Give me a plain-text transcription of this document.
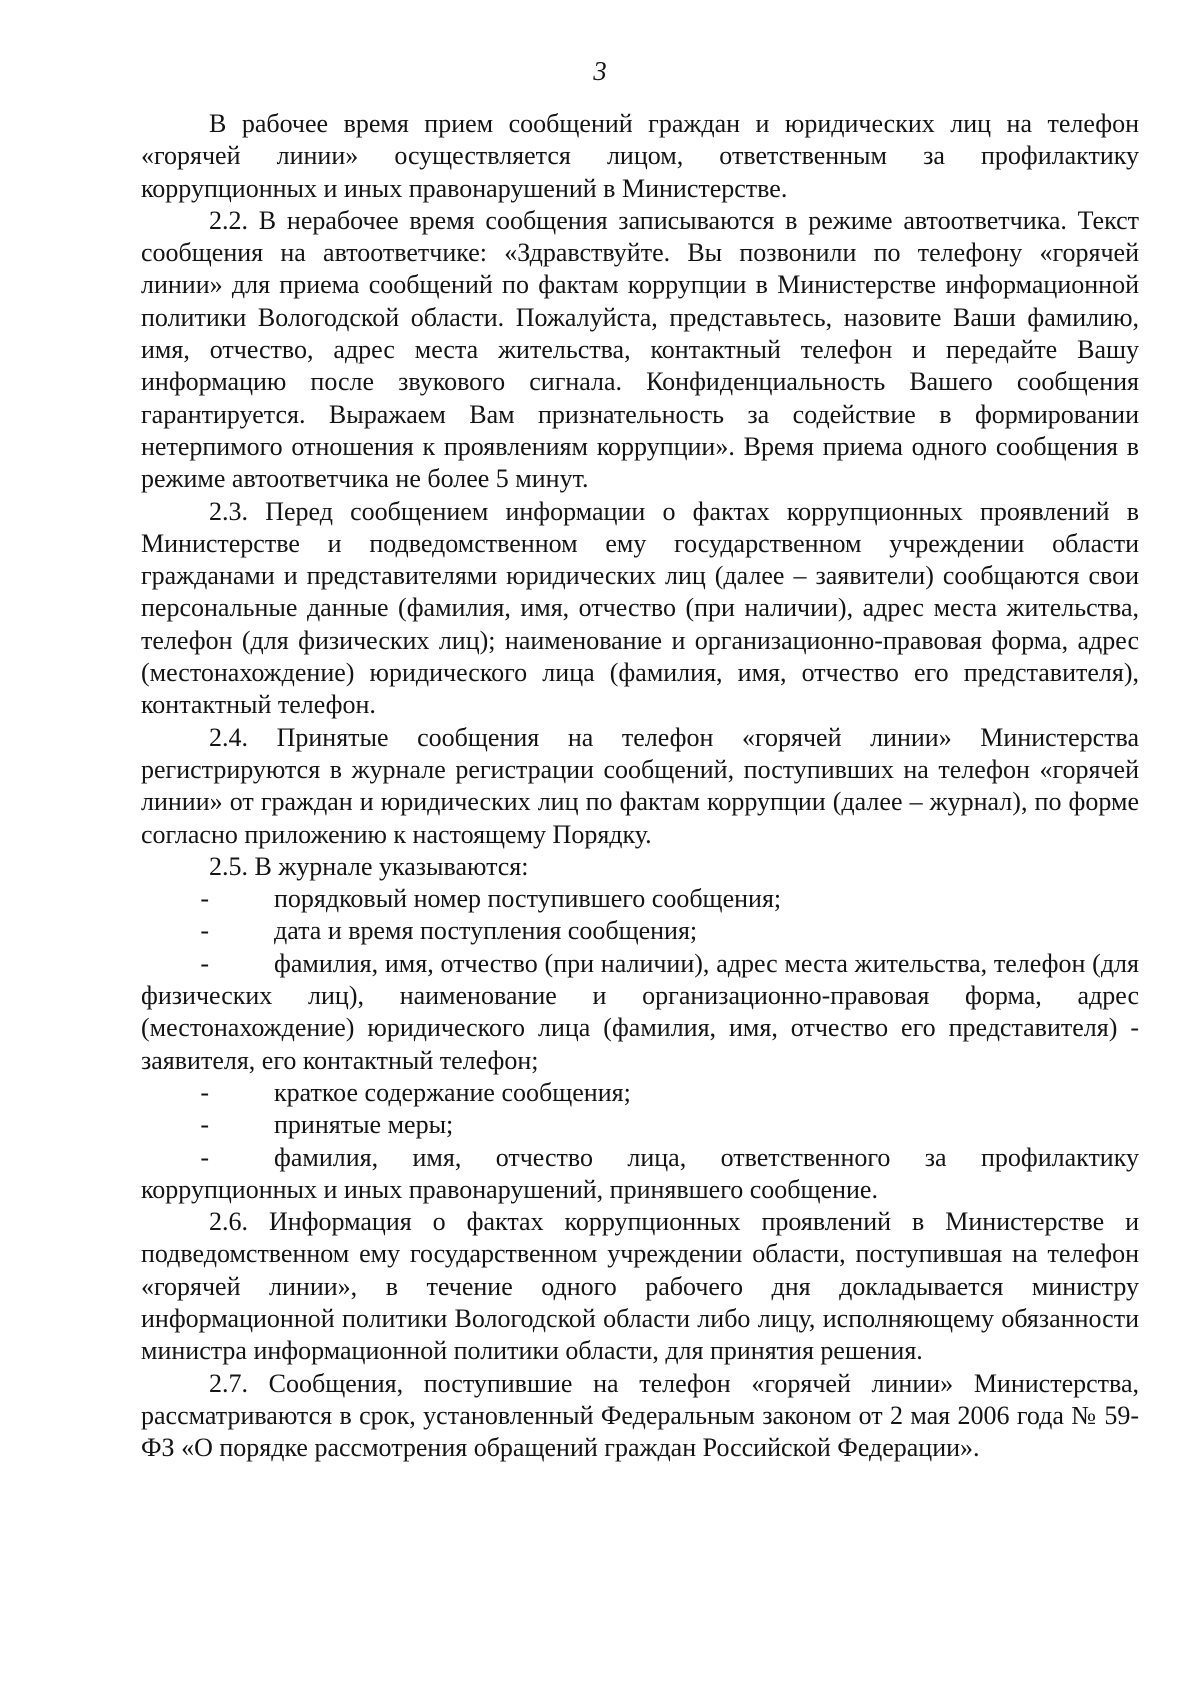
3

В рабочее время прием сообщений граждан и юридических лиц на телефон «горячей линии» осуществляется лицом, ответственным за профилактику коррупционных и иных правонарушений в Министерстве.

2.2. В нерабочее время сообщения записываются в режиме автоответчика. Текст сообщения на автоответчике: «Здравствуйте. Вы позвонили по телефону «горячей линии» для приема сообщений по фактам коррупции в Министерстве информационной политики Вологодской области. Пожалуйста, представьтесь, назовите Ваши фамилию, имя, отчество, адрес места жительства, контактный телефон и передайте Вашу информацию после звукового сигнала. Конфиденциальность Вашего сообщения гарантируется. Выражаем Вам признательность за содействие в формировании нетерпимого отношения к проявлениям коррупции». Время приема одного сообщения в режиме автоответчика не более 5 минут.

2.3. Перед сообщением информации о фактах коррупционных проявлений в Министерстве и подведомственном ему государственном учреждении области гражданами и представителями юридических лиц (далее – заявители) сообщаются свои персональные данные (фамилия, имя, отчество (при наличии), адрес места жительства, телефон (для физических лиц); наименование и организационно-правовая форма, адрес (местонахождение) юридического лица (фамилия, имя, отчество его представителя), контактный телефон.

2.4. Принятые сообщения на телефон «горячей линии» Министерства регистрируются в журнале регистрации сообщений, поступивших на телефон «горячей линии» от граждан и юридических лиц по фактам коррупции (далее – журнал), по форме согласно приложению к настоящему Порядку.

2.5. В журнале указываются:

-	порядковый номер поступившего сообщения;

-	дата и время поступления сообщения;

-	фамилия, имя, отчество (при наличии), адрес места жительства, телефон (для физических лиц), наименование и организационно-правовая форма, адрес (местонахождение) юридического лица (фамилия, имя, отчество его представителя) - заявителя, его контактный телефон;

-	краткое содержание сообщения;

-	принятые меры;

-	фамилия, имя, отчество лица, ответственного за профилактику коррупционных и иных правонарушений, принявшего сообщение.

2.6. Информация о фактах коррупционных проявлений в Министерстве и подведомственном ему государственном учреждении области, поступившая на телефон «горячей линии», в течение одного рабочего дня докладывается министру информационной политики Вологодской области либо лицу, исполняющему обязанности министра информационной политики области, для принятия решения.

2.7. Сообщения, поступившие на телефон «горячей линии» Министерства, рассматриваются в срок, установленный Федеральным законом от 2 мая 2006 года № 59-ФЗ «О порядке рассмотрения обращений граждан Российской Федерации».
